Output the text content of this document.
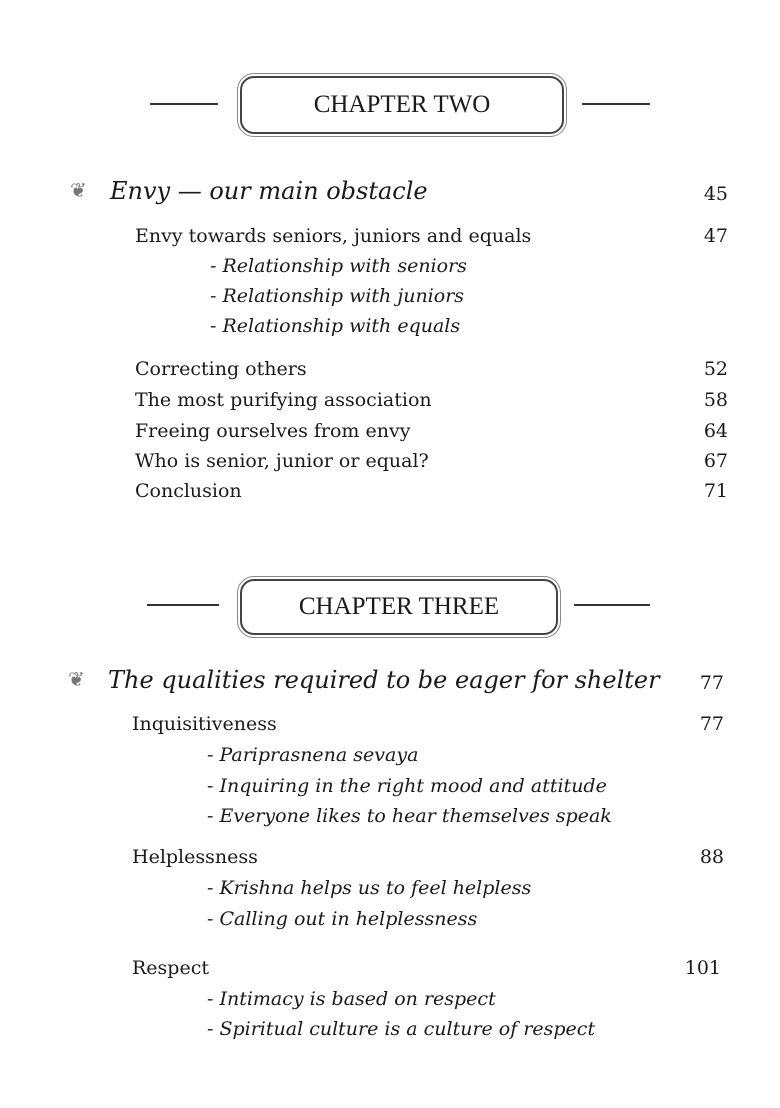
CHAPTER TWO
❦ Envy — our main obstacle	45
Envy towards seniors, juniors and equals	47
- Relationship with seniors
- Relationship with juniors
- Relationship with equals
Correcting others	52
The most purifying association	58
Freeing ourselves from envy	64
Who is senior, junior or equal?	67
Conclusion	71
CHAPTER THREE
❦ The qualities required to be eager for shelter	77
Inquisitiveness	77
- Pariprasnena sevaya
- Inquiring in the right mood and attitude
- Everyone likes to hear themselves speak
Helplessness	88
- Krishna helps us to feel helpless
- Calling out in helplessness
Respect	101
- Intimacy is based on respect
- Spiritual culture is a culture of respect
